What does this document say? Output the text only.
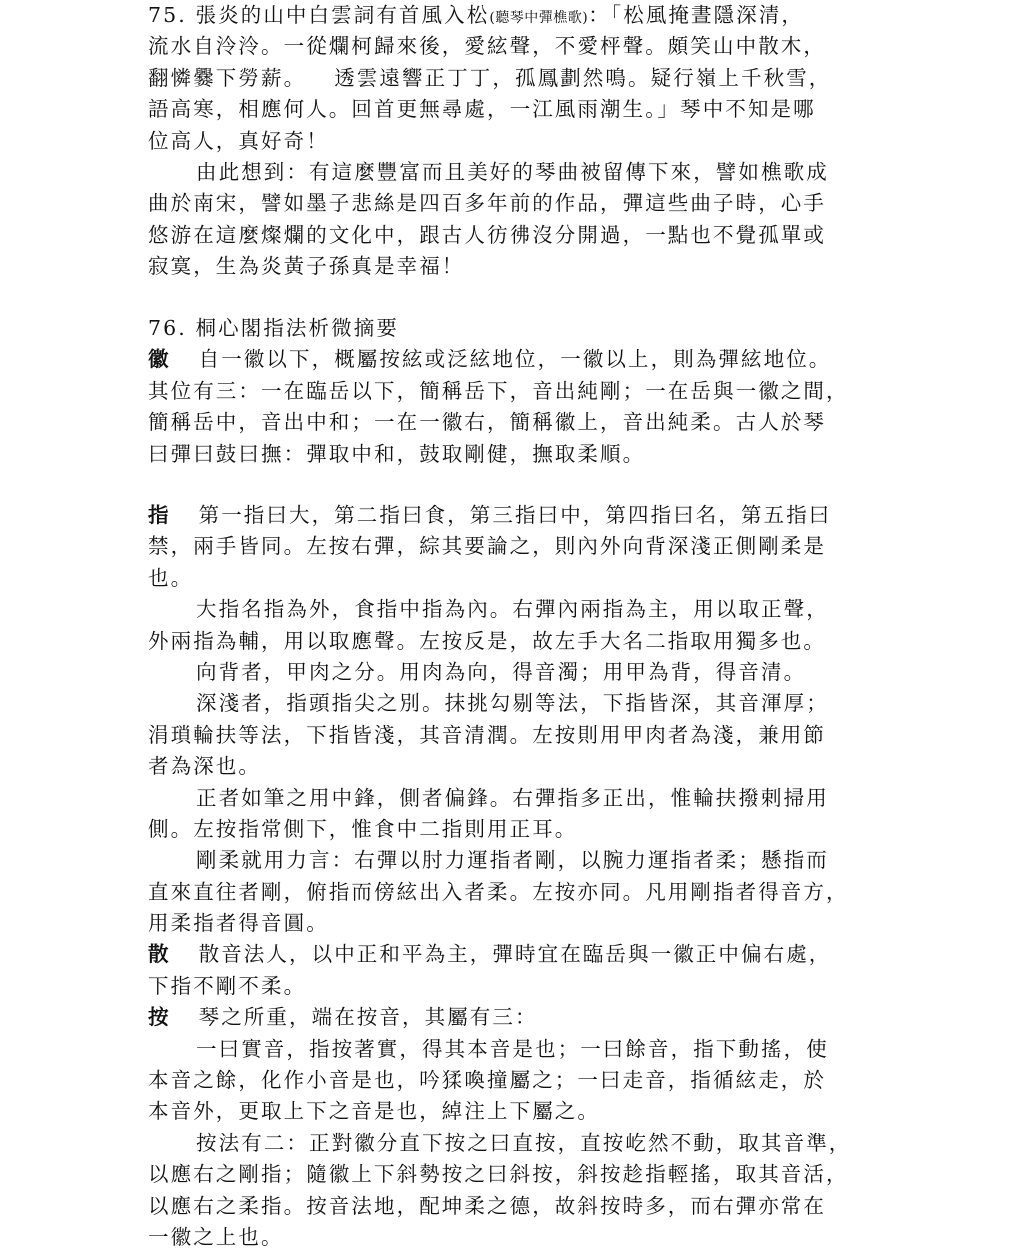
75. 張炎的山中白雲詞有首風入松(聽琴中彈樵歌)：「松風掩晝隱深清，
流水自泠泠。一從爛柯歸來後，愛絃聲，不愛枰聲。頗笑山中散木，
翻憐爨下勞薪。 透雲遠響正丁丁，孤鳳劃然鳴。疑行嶺上千秋雪，
語高寒，相應何人。回首更無尋處，一江風雨潮生。」琴中不知是哪
位高人，真好奇！
由此想到：有這麼豐富而且美好的琴曲被留傳下來，譬如樵歌成
曲於南宋，譬如墨子悲絲是四百多年前的作品，彈這些曲子時，心手
悠游在這麼燦爛的文化中，跟古人彷彿沒分開過，一點也不覺孤單或
寂寞，生為炎黃子孫真是幸福！
76. 桐心閣指法析微摘要
徽 自一徽以下，概屬按絃或泛絃地位，一徽以上，則為彈絃地位。
其位有三：一在臨岳以下，簡稱岳下，音出純剛；一在岳與一徽之間，
簡稱岳中，音出中和；一在一徽右，簡稱徽上，音出純柔。古人於琴
曰彈曰鼓曰撫：彈取中和，鼓取剛健，撫取柔順。
指 第一指曰大，第二指曰食，第三指曰中，第四指曰名，第五指曰
禁，兩手皆同。左按右彈，綜其要論之，則內外向背深淺正側剛柔是
也。
大指名指為外，食指中指為內。右彈內兩指為主，用以取正聲，
外兩指為輔，用以取應聲。左按反是，故左手大名二指取用獨多也。
向背者，甲肉之分。用肉為向，得音濁；用甲為背，得音清。
深淺者，指頭指尖之別。抹挑勾剔等法，下指皆深，其音渾厚；
涓瑣輪扶等法，下指皆淺，其音清潤。左按則用甲肉者為淺，兼用節
者為深也。
正者如筆之用中鋒，側者偏鋒。右彈指多正出，惟輪扶撥剌掃用
側。左按指常側下，惟食中二指則用正耳。
剛柔就用力言：右彈以肘力運指者剛，以腕力運指者柔；懸指而
直來直往者剛，俯指而傍絃出入者柔。左按亦同。凡用剛指者得音方，
用柔指者得音圓。
散 散音法人，以中正和平為主，彈時宜在臨岳與一徽正中偏右處，
下指不剛不柔。
按 琴之所重，端在按音，其屬有三：
一曰實音，指按著實，得其本音是也；一曰餘音，指下動搖，使
本音之餘，化作小音是也，吟猱喚撞屬之；一曰走音，指循絃走，於
本音外，更取上下之音是也，綽注上下屬之。
按法有二：正對徽分直下按之曰直按，直按屹然不動，取其音準，
以應右之剛指；隨徽上下斜勢按之曰斜按，斜按趁指輕搖，取其音活，
以應右之柔指。按音法地，配坤柔之德，故斜按時多，而右彈亦常在
一徽之上也。
